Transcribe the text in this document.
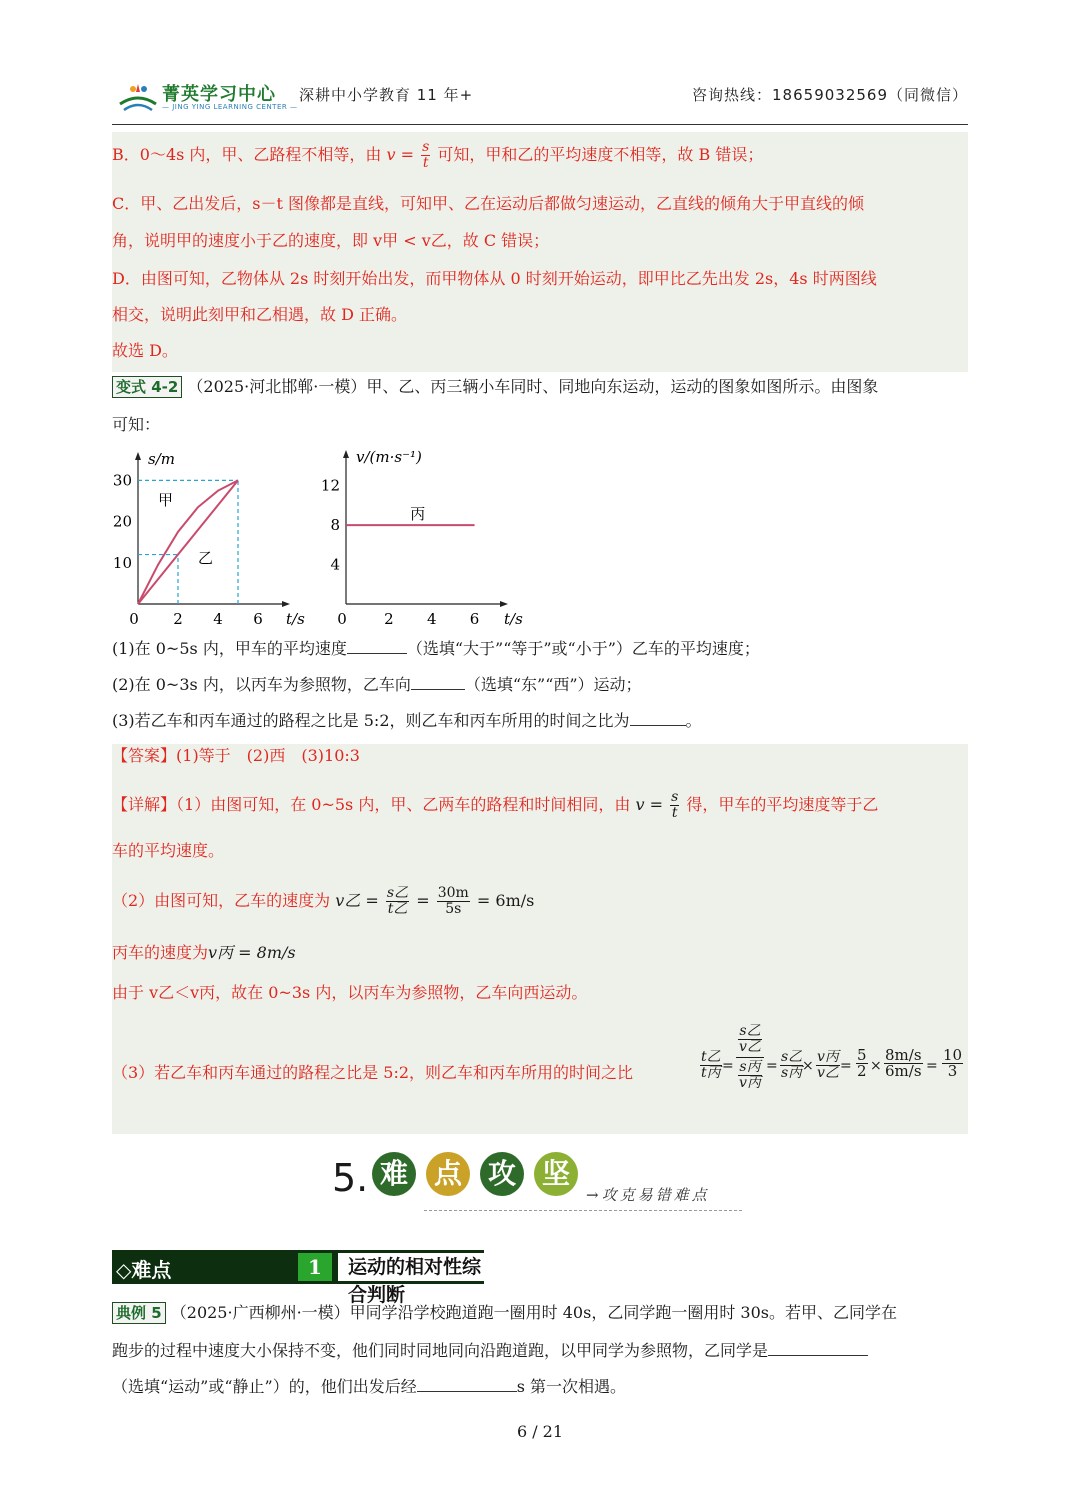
菁英学习中心
— JING YING LEARNING CENTER —
深耕中小学教育 11 年+	咨询热线：18659032569（同微信）
B．0～4s 内，甲、乙路程不相等，由 $v = \frac{s}{t}$ 可知，甲和乙的平均速度不相等，故 B 错误；
C．甲、乙出发后，s－t 图像都是直线，可知甲、乙在运动后都做匀速运动，乙直线的倾角大于甲直线的倾
角，说明甲的速度小于乙的速度，即 v甲 < v乙，故 C 错误；
D．由图可知，乙物体从 2s 时刻开始出发，而甲物体从 0 时刻开始运动，即甲比乙先出发 2s，4s 时两图线
相交，说明此刻甲和乙相遇，故 D 正确。
故选 D。
变式 4-2 （2025·河北邯郸·一模）甲、乙、丙三辆小车同时、同地向东运动，运动的图象如图所示。由图象
可知：
s/m
t/s
0 2 4 6
10
20
30
甲
乙
v/(m·s⁻¹)
t/s
0 2 4 6
4
8
12
丙
(1)在 0~5s 内，甲车的平均速度	（选填“大于”“等于”或“小于”）乙车的平均速度；
(2)在 0~3s 内，以丙车为参照物，乙车向	（选填“东”“西”）运动；
(3)若乙车和丙车通过的路程之比是 5:2，则乙车和丙车所用的时间之比为	。
【答案】(1)等于　(2)西　(3)10:3
【详解】（1）由图可知，在 0~5s 内，甲、乙两车的路程和时间相同，由 $v = \frac{s}{t}$ 得，甲车的平均速度等于乙
车的平均速度。
（2）由图可知，乙车的速度为 v乙 = $\frac{\text{s乙}}{\text{t乙}} = \frac{30m}{5s} = 6m/s$
丙车的速度为v丙 = 8m/s
由于 v乙＜v丙，故在 0~3s 内，以丙车为参照物，乙车向西运动。
（3）若乙车和丙车通过的路程之比是 5:2，则乙车和丙车所用的时间之比
t乙
t丙 =
$\frac{\text{s乙}}{\text{v乙}}$
$\frac{\text{s丙}}{\text{v丙}}$ =
s乙
s丙 ×
v丙
v乙 = $\frac{5}{2} \times \frac{8m/s}{6m/s} = \frac{10}{3}$
5. 难 点 攻 坚
→攻克易错难点
◇难点	1	运动的相对性综合判断
典例 5 （2025·广西柳州·一模）甲同学沿学校跑道跑一圈用时 40s，乙同学跑一圈用时 30s。若甲、乙同学在
跑步的过程中速度大小保持不变，他们同时同地同向沿跑道跑，以甲同学为参照物，乙同学是
（选填“运动”或“静止”）的，他们出发后经	s 第一次相遇。
6 / 21
